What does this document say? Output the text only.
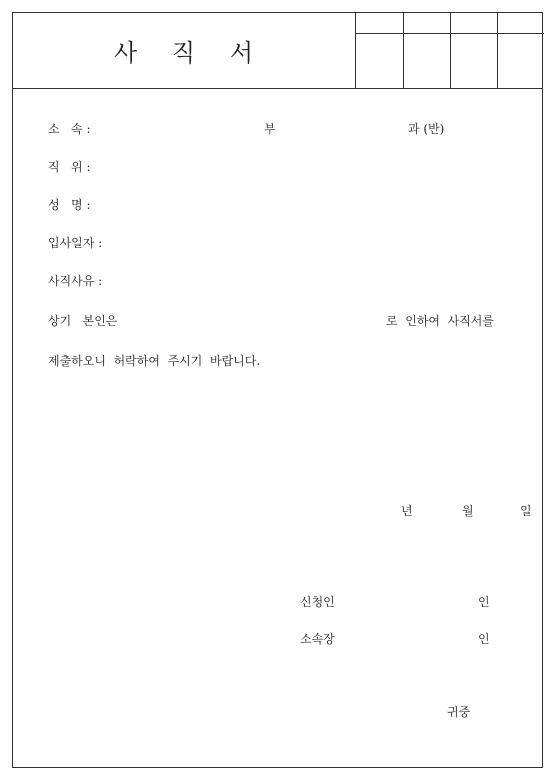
사	직	서
소   속 :	부	과 (반)
직   위 :
성   명 :
입사일자 :
사직사유 :
상기   본인은	로  인하여  사직서를
제출하오니  허락하여  주시기  바랍니다.
년	월	일
신청인	인
소속장	인
귀중
